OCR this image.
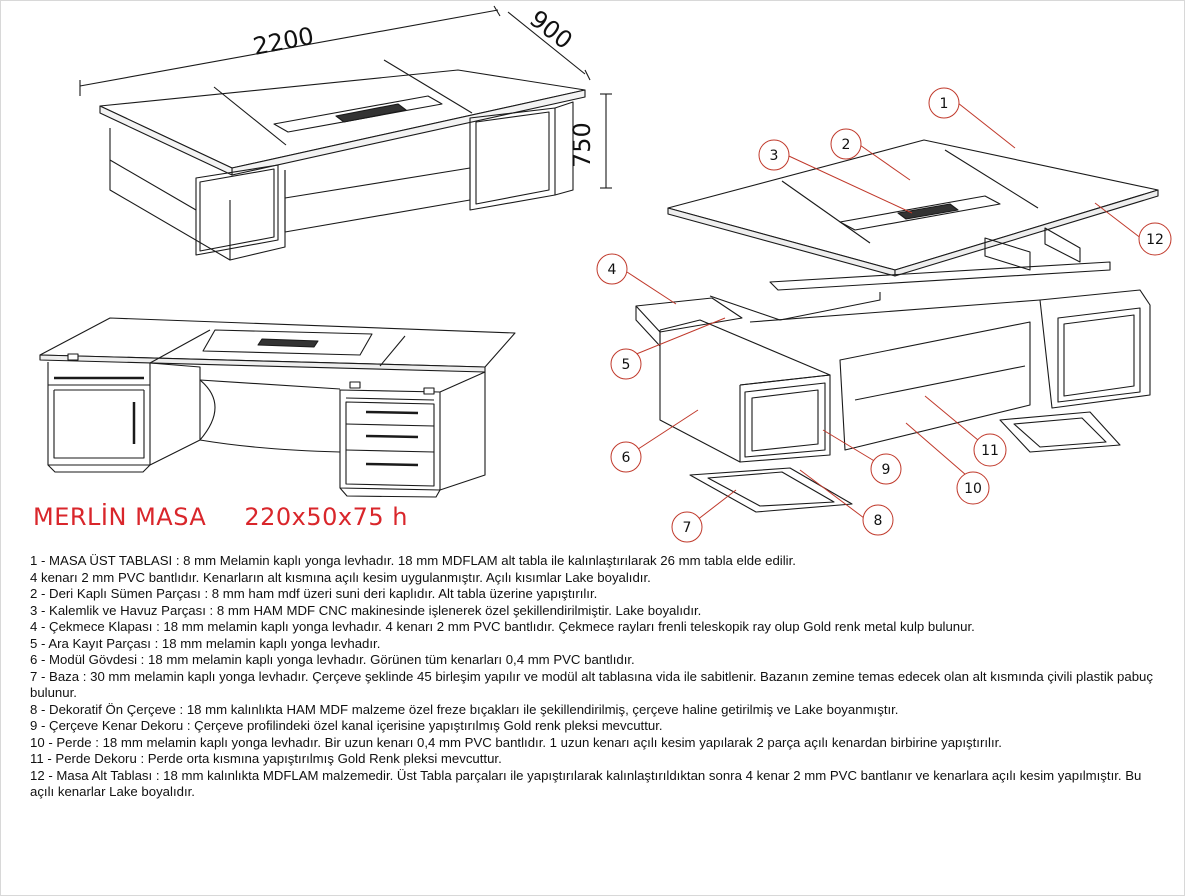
2200	900
750
1
2
3
4
5
6
7	8
9
10
11
12
MERLİN MASA 220x50x75 h

1 - MASA ÜST TABLASI : 8 mm Melamin kaplı yonga levhadır. 18 mm MDFLAM alt tabla ile kalınlaştırılarak 26 mm tabla elde edilir.

4 kenarı 2 mm PVC bantlıdır. Kenarların alt kısmına açılı kesim uygulanmıştır. Açılı kısımlar Lake boyalıdır.

2 - Deri Kaplı Sümen Parçası : 8 mm ham mdf üzeri suni deri kaplıdır. Alt tabla üzerine yapıştırılır.

3 - Kalemlik ve Havuz Parçası : 8 mm HAM MDF CNC makinesinde işlenerek özel şekillendirilmiştir. Lake boyalıdır.

4 - Çekmece Klapası : 18 mm melamin kaplı yonga levhadır. 4 kenarı 2 mm PVC bantlıdır. Çekmece rayları frenli teleskopik ray olup Gold renk metal kulp bulunur.

5 - Ara Kayıt Parçası : 18 mm melamin kaplı yonga levhadır.

6 - Modül Gövdesi : 18 mm melamin kaplı yonga levhadır. Görünen tüm kenarları 0,4 mm PVC bantlıdır.

7 - Baza : 30 mm melamin kaplı yonga levhadır. Çerçeve şeklinde 45 birleşim yapılır ve modül alt tablasına vida ile sabitlenir. Bazanın zemine temas edecek olan alt kısmında çivili plastik pabuç bulunur.

8 - Dekoratif Ön Çerçeve : 18 mm kalınlıkta HAM MDF malzeme özel freze bıçakları ile şekillendirilmiş, çerçeve haline getirilmiş ve Lake boyanmıştır.

9 - Çerçeve Kenar Dekoru : Çerçeve profilindeki özel kanal içerisine yapıştırılmış Gold renk pleksi mevcuttur.

10 - Perde : 18 mm melamin kaplı yonga levhadır. Bir uzun kenarı 0,4 mm PVC bantlıdır. 1 uzun kenarı açılı kesim yapılarak 2 parça açılı kenardan birbirine yapıştırılır.

11 - Perde Dekoru : Perde orta kısmına yapıştırılmış Gold Renk pleksi mevcuttur.

12 - Masa Alt Tablası : 18 mm kalınlıkta MDFLAM malzemedir. Üst Tabla parçaları ile yapıştırılarak kalınlaştırıldıktan sonra 4 kenar 2 mm PVC bantlanır ve kenarlara açılı kesim yapılmıştır. Bu açılı kenarlar Lake boyalıdır.
